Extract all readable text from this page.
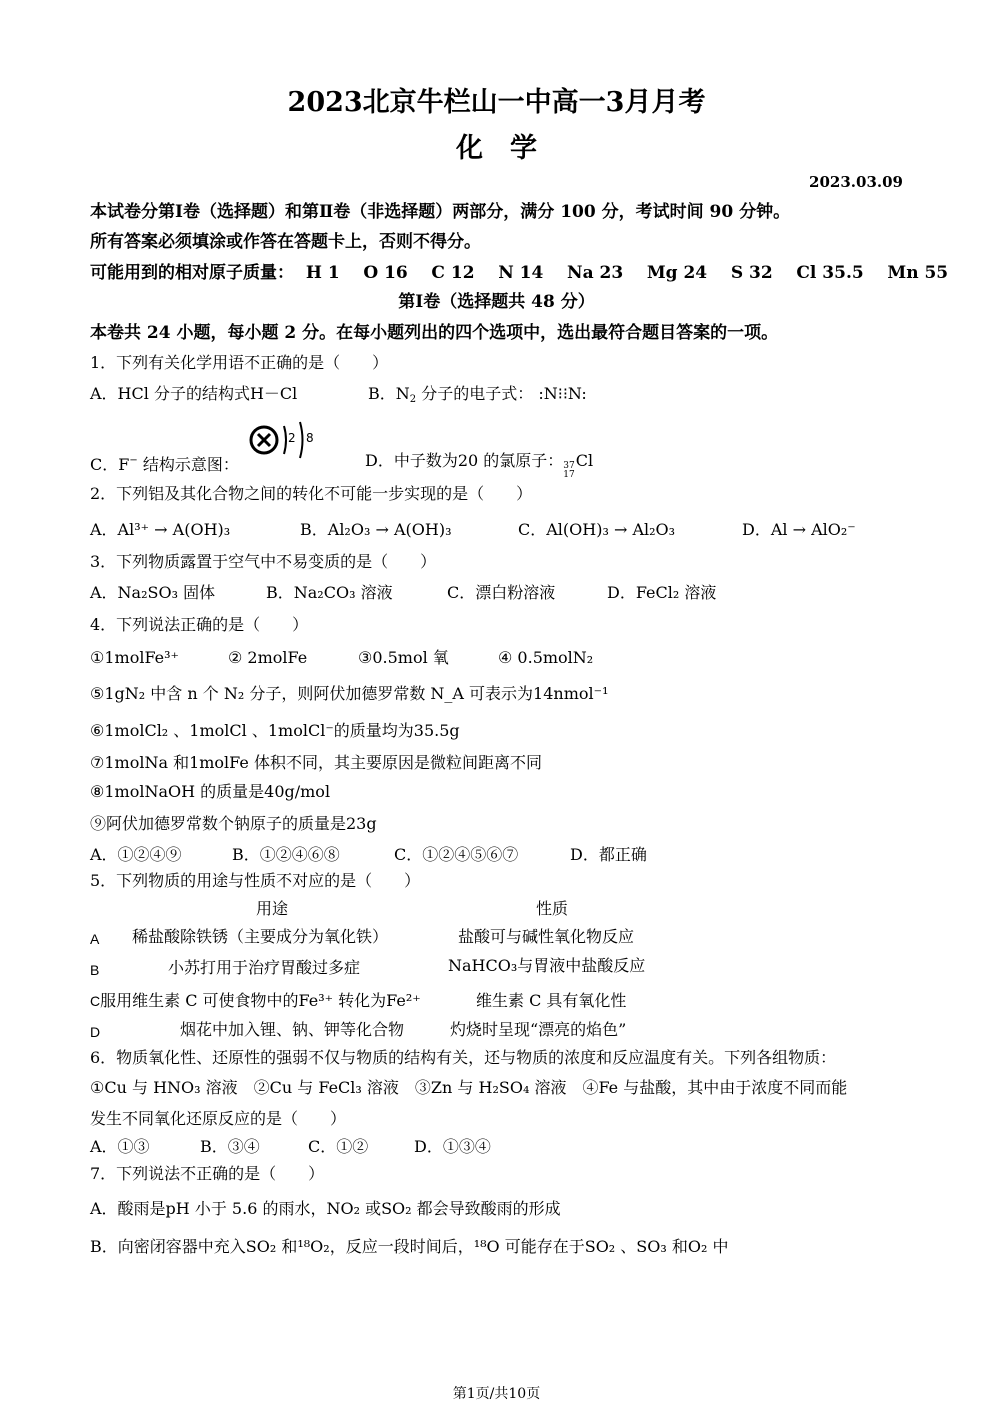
2023北京牛栏山一中高一3月月考
化　学
2023.03.09
本试卷分第Ⅰ卷（选择题）和第Ⅱ卷（非选择题）两部分，满分 100 分，考试时间 90 分钟。
所有答案必须填涂或作答在答题卡上，否则不得分。
可能用到的相对原子质量： H 1 O 16 C 12 N 14 Na 23 Mg 24 S 32 Cl 35.5 Mn 55
第Ⅰ卷（选择题共 48 分）
本卷共 24 小题，每小题 2 分。在每小题列出的四个选项中，选出最符合题目答案的一项。
1．下列有关化学用语不正确的是（　　）
A．HCl 分子的结构式H－Cl	B．$N_2$ 分子的电子式： :N⁝⁝N:
C．F− 结构示意图：
2 8
D．中子数为20 的氯原子： 37
17
Cl
2．下列铝及其化合物之间的转化不可能一步实现的是（　　）
A．Al³⁺ → A(OH)₃	B．Al₂O₃ → A(OH)₃	C．Al(OH)₃ → Al₂O₃	D．Al → AlO₂⁻
3．下列物质露置于空气中不易变质的是（　　）
A．Na₂SO₃ 固体	B．Na₂CO₃ 溶液	C．漂白粉溶液	D．FeCl₂ 溶液
4．下列说法正确的是（　　）
①1molFe³⁺	② 2molFe	③0.5mol 氧	④ 0.5molN₂
⑤1gN₂ 中含 n 个 N₂ 分子，则阿伏加德罗常数 N_A 可表示为14nmol⁻¹
⑥1molCl₂ 、1molCl 、1molCl⁻的质量均为35.5g
⑦1molNa 和1molFe 体积不同，其主要原因是微粒间距离不同
⑧1molNaOH 的质量是40g/mol
⑨阿伏加德罗常数个钠原子的质量是23g
A．①②④⑨	B．①②④⑥⑧	C．①②④⑤⑥⑦	D．都正确
5．下列物质的用途与性质不对应的是（　　）
用途	性质
A 稀盐酸除铁锈（主要成分为氧化铁）	盐酸可与碱性氧化物反应
B	小苏打用于治疗胃酸过多症	NaHCO₃与胃液中盐酸反应
C服用维生素 C 可使食物中的Fe³⁺ 转化为Fe²⁺	维生素 C 具有氧化性
D	烟花中加入锂、钠、钾等化合物	灼烧时呈现“漂亮的焰色”
6．物质氧化性、还原性的强弱不仅与物质的结构有关，还与物质的浓度和反应温度有关。下列各组物质：
①Cu 与 HNO₃ 溶液　②Cu 与 FeCl₃ 溶液　③Zn 与 H₂SO₄ 溶液　④Fe 与盐酸，其中由于浓度不同而能
发生不同氧化还原反应的是（　　）
A．①③	B．③④	C．①②	D．①③④
7．下列说法不正确的是（　　）
A．酸雨是pH 小于 5.6 的雨水，NO₂ 或SO₂ 都会导致酸雨的形成
B．向密闭容器中充入SO₂ 和¹⁸O₂，反应一段时间后，¹⁸O 可能存在于SO₂ 、SO₃ 和O₂ 中
第1页/共10页
